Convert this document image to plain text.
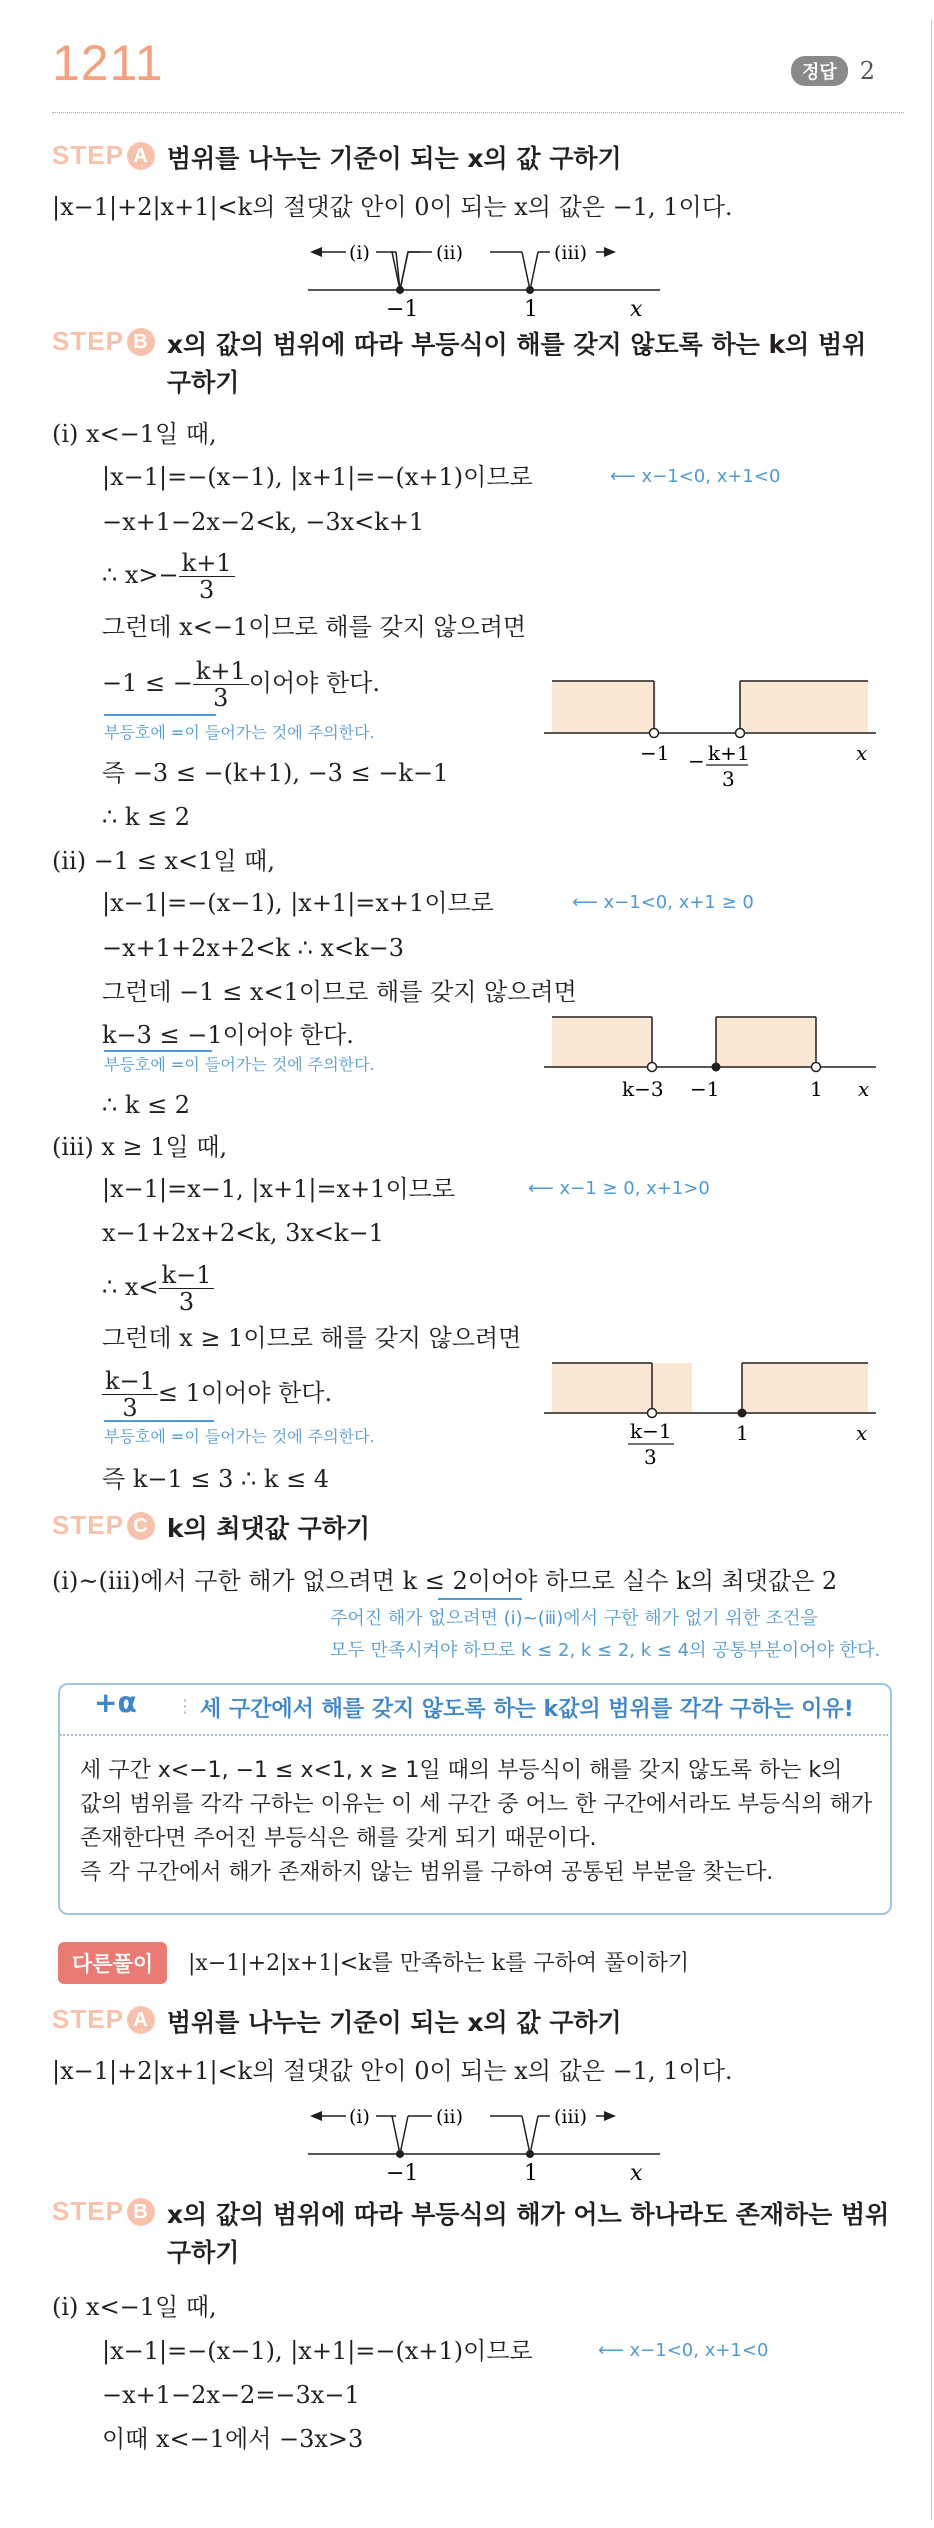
1211	정답 2
STEP A 범위를 나누는 기준이 되는 x의 값 구하기
|x−1|+2|x+1|<k의 절댓값 안이 0이 되는 x의 값은 −1, 1이다.
(ⅰ)	(ⅱ)	(ⅲ)
−1	1	x
STEP B x의 값의 범위에 따라 부등식이 해를 갖지 않도록 하는 k의 범위
구하기
(ⅰ) x<−1일 때,
|x−1|=−(x−1), |x+1|=−(x+1)이므로	⟵ x−1<0, x+1<0
−x+1−2x−2<k, −3x<k+1
∴ $x>- \frac{k+1}{3}$
그런데 x<−1이므로 해를 갖지 않으려면
−1 ≤ − $\frac{k+1}{3}$ 이어야 한다.
부등호에 =이 들어가는 것에 주의한다.
즉 −3 ≤ −(k+1), −3 ≤ −k−1
∴ k ≤ 2
−1 − k+1
3
x
(ⅱ) −1 ≤ x<1일 때,
|x−1|=−(x−1), |x+1|=x+1이므로	⟵ x−1<0, x+1 ≥ 0
−x+1+2x+2<k ∴ x<k−3
그런데 −1 ≤ x<1이므로 해를 갖지 않으려면
k−3 ≤ −1이어야 한다.
부등호에 =이 들어가는 것에 주의한다.
∴ k ≤ 2
k−3 −1	1 x
(ⅲ) x ≥ 1일 때,
|x−1|=x−1, |x+1|=x+1이므로	⟵ x−1 ≥ 0, x+1>0
x−1+2x+2<k, 3x<k−1
∴ $x< \frac{k-1}{3}$
그런데 x ≥ 1이므로 해를 갖지 않으려면
$\frac{k-1}{3} \le 1$이어야 한다.
부등호에 =이 들어가는 것에 주의한다.
즉 k−1 ≤ 3 ∴ k ≤ 4
k−1
3
1	x
STEP C k의 최댓값 구하기
(ⅰ)~(ⅲ)에서 구한 해가 없으려면 k ≤ 2이어야 하므로 실수 k의 최댓값은 2
주어진 해가 없으려면 (ⅰ)~(ⅲ)에서 구한 해가 없기 위한 조건을
모두 만족시켜야 하므로 k ≤ 2, k ≤ 2, k ≤ 4의 공통부분이어야 한다.
+α ⋮ 세 구간에서 해를 갖지 않도록 하는 k값의 범위를 각각 구하는 이유!
세 구간 x<−1, −1 ≤ x<1, x ≥ 1일 때의 부등식이 해를 갖지 않도록 하는 k의
값의 범위를 각각 구하는 이유는 이 세 구간 중 어느 한 구간에서라도 부등식의 해가
존재한다면 주어진 부등식은 해를 갖게 되기 때문이다.
즉 각 구간에서 해가 존재하지 않는 범위를 구하여 공통된 부분을 찾는다.
다른풀이	|x−1|+2|x+1|<k를 만족하는 k를 구하여 풀이하기
STEP A 범위를 나누는 기준이 되는 x의 값 구하기
|x−1|+2|x+1|<k의 절댓값 안이 0이 되는 x의 값은 −1, 1이다.
(ⅰ)	(ⅱ)	(ⅲ)
−1	1	x
STEP B x의 값의 범위에 따라 부등식의 해가 어느 하나라도 존재하는 범위
구하기
(ⅰ) x<−1일 때,
|x−1|=−(x−1), |x+1|=−(x+1)이므로	⟵ x−1<0, x+1<0
−x+1−2x−2=−3x−1
이때 x<−1에서 −3x>3
